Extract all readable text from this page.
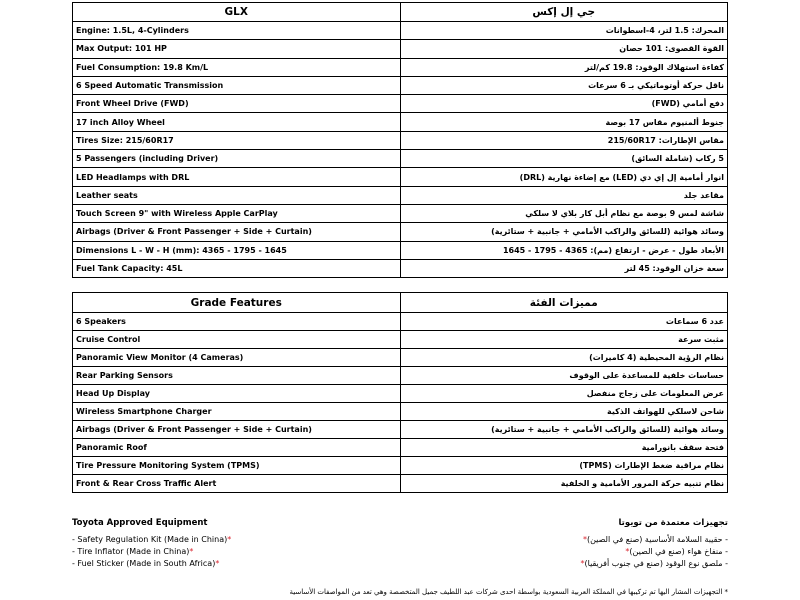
GLX	جي إل إكس
Engine: 1.5L, 4-Cylinders	المحرك: 1.5 لتر، 4-اسطوانات
Max Output: 101 HP	القوة القصوى: 101 حصان
Fuel Consumption: 19.8 Km/L	كفاءة استهلاك الوقود: 19.8 كم/لتر
6 Speed Automatic Transmission	ناقل حركة أوتوماتيكي بـ 6 سرعات
Front Wheel Drive (FWD)	دفع أمامي (FWD)
17 inch Alloy Wheel	جنوط ألمنيوم مقاس 17 بوصة
Tires Size: 215/60R17	مقاس الإطارات: 215/60R17
5 Passengers (including Driver)	5 ركاب (شاملة السائق)
LED Headlamps with DRL	انوار أمامية إل إي دي (LED) مع إضاءة نهارية (DRL)
Leather seats	مقاعد جلد
Touch Screen 9" with Wireless Apple CarPlay	شاشة لمس 9 بوصة مع نظام أبل كار بلاي لا سلكي
Airbags (Driver & Front Passenger + Side + Curtain)	وسائد هوائية (للسائق والراكب الأمامي + جانبية + ستائرية)
Dimensions L - W - H (mm): 4365 - 1795 - 1645	الأبعاد طول - عرض - ارتفاع (مم): 4365 - 1795 - 1645
Fuel Tank Capacity: 45L	سعة خزان الوقود: 45 لتر
Grade Features	مميزات الفئة
6 Speakers	عدد 6 سماعات
Cruise Control	مثبت سرعة
Panoramic View Monitor (4 Cameras)	نظام الرؤية المحيطية (4 كاميرات)
Rear Parking Sensors	حساسات خلفية للمساعدة على الوقوف
Head Up Display	عرض المعلومات على زجاج منفصل
Wireless Smartphone Charger	شاحن لاسلكي للهواتف الذكية
Airbags (Driver & Front Passenger + Side + Curtain)	وسائد هوائية (للسائق والراكب الأمامي + جانبية + ستائرية)
Panoramic Roof	فتحة سقف بانورامية
Tire Pressure Monitoring System (TPMS)	نظام مراقبة ضغط الإطارات (TPMS)
Front & Rear Cross Traffic Alert	نظام تنبيه حركة المرور الأمامية و الخلفية
Toyota Approved Equipment
- Safety Regulation Kit (Made in China)*
- Tire Inflator (Made in China)*
- Fuel Sticker (Made in South Africa)*
تجهيزات معتمدة من تويوتا
- حقيبة السلامة الأساسية (صنع في الصين)*
- منفاخ هواء (صنع في الصين)*
- ملصق نوع الوقود (صنع في جنوب أفريقيا)*
* التجهيزات المشار اليها تم تركيبها في المملكة العربية السعودية بواسطة احدى شركات عبد اللطيف جميل المتخصصة وهي تعد من المواصفات الأساسية
